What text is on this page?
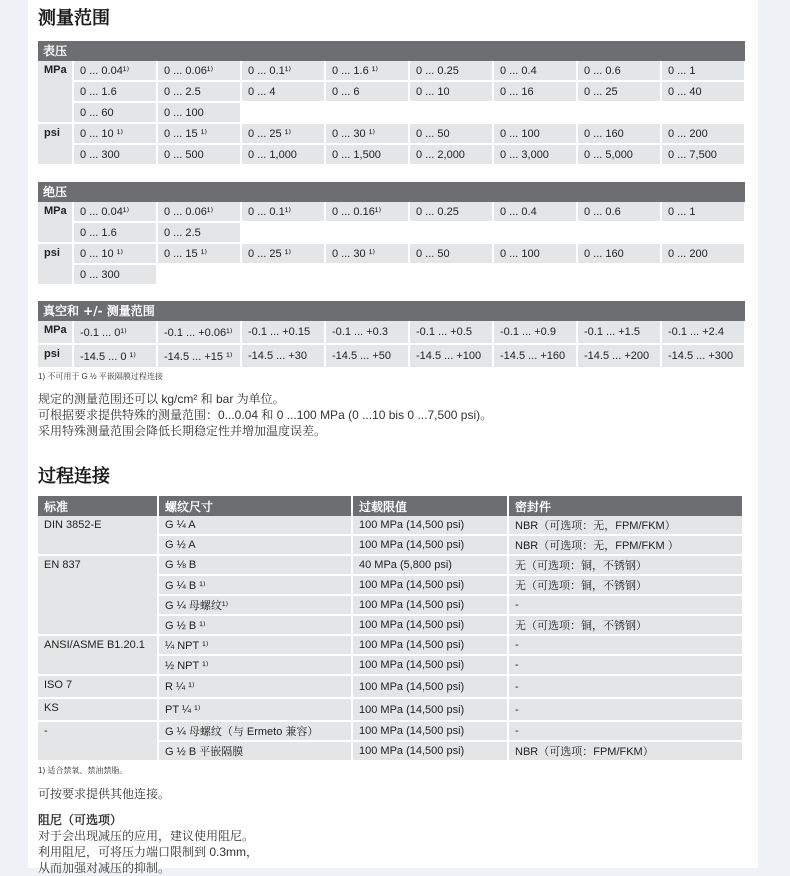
测量范围
表压
MPa	0 ... 0.04¹⁾	0 ... 0.06¹⁾	0 ... 0.1¹⁾	0 ... 1.6 ¹⁾	0 ... 0.25	0 ... 0.4	0 ... 0.6	0 ... 1
	0 ... 1.6	0 ... 2.5	0 ... 4	0 ... 6	0 ... 10	0 ... 16	0 ... 25	0 ... 40
	0 ... 60	0 ... 100						
psi	0 ... 10 ¹⁾	0 ... 15 ¹⁾	0 ... 25 ¹⁾	0 ... 30 ¹⁾	0 ... 50	0 ... 100	0 ... 160	0 ... 200
	0 ... 300	0 ... 500	0 ... 1,000	0 ... 1,500	0 ... 2,000	0 ... 3,000	0 ... 5,000	0 ... 7,500
绝压
MPa	0 ... 0.04¹⁾	0 ... 0.06¹⁾	0 ... 0.1¹⁾	0 ... 0.16¹⁾	0 ... 0.25	0 ... 0.4	0 ... 0.6	0 ... 1
	0 ... 1.6	0 ... 2.5						
psi	0 ... 10 ¹⁾	0 ... 15 ¹⁾	0 ... 25 ¹⁾	0 ... 30 ¹⁾	0 ... 50	0 ... 100	0 ... 160	0 ... 200
	0 ... 300							
真空和 +/- 测量范围
MPa	-0.1 ... 0¹⁾	-0.1 ... +0.06¹⁾	-0.1 ... +0.15	-0.1 ... +0.3	-0.1 ... +0.5	-0.1 ... +0.9	-0.1 ... +1.5	-0.1 ... +2.4
psi	-14.5 ... 0 ¹⁾	-14.5 ... +15 ¹⁾	-14.5 ... +30	-14.5 ... +50	-14.5 ... +100	-14.5 ... +160	-14.5 ... +200	-14.5 ... +300
1) 不可用于 G ½ 平嵌隔膜过程连接
规定的测量范围还可以 kg/cm² 和 bar 为单位。
可根据要求提供特殊的测量范围：0...0.04 和 0 ...100 MPa (0 ...10 bis 0 ...7,500 psi)。
采用特殊测量范围会降低长期稳定性并增加温度误差。
过程连接
标准	螺纹尺寸	过载限值	密封件
DIN 3852-E	G ¼ A	100 MPa (14,500 psi)	NBR（可选项：无，FPM/FKM）
	G ½ A	100 MPa (14,500 psi)	NBR（可选项：无，FPM/FKM ）
EN 837	G ⅛ B	40 MPa (5,800 psi)	无（可选项：铜，不锈钢）
	G ¼ B ¹⁾	100 MPa (14,500 psi)	无（可选项：铜，不锈钢）
	G ¼ 母螺纹¹⁾	100 MPa (14,500 psi)	-
	G ½ B ¹⁾	100 MPa (14,500 psi)	无（可选项：铜，不锈钢）
ANSI/ASME B1.20.1	¼ NPT ¹⁾	100 MPa (14,500 psi)	-
	½ NPT ¹⁾	100 MPa (14,500 psi)	-
ISO 7	R ¼ ¹⁾	100 MPa (14,500 psi)	-
KS	PT ¼ ¹⁾	100 MPa (14,500 psi)	-
-	G ¼ 母螺纹（与 Ermeto 兼容）	100 MPa (14,500 psi)	-
	G ½ B 平嵌隔膜	100 MPa (14,500 psi)	NBR（可选项：FPM/FKM）
1) 适合禁氧、禁油禁脂。
可按要求提供其他连接。
阻尼（可选项）
对于会出现减压的应用，建议使用阻尼。
利用阻尼，可将压力端口限制到 0.3mm，
从而加强对减压的抑制。
